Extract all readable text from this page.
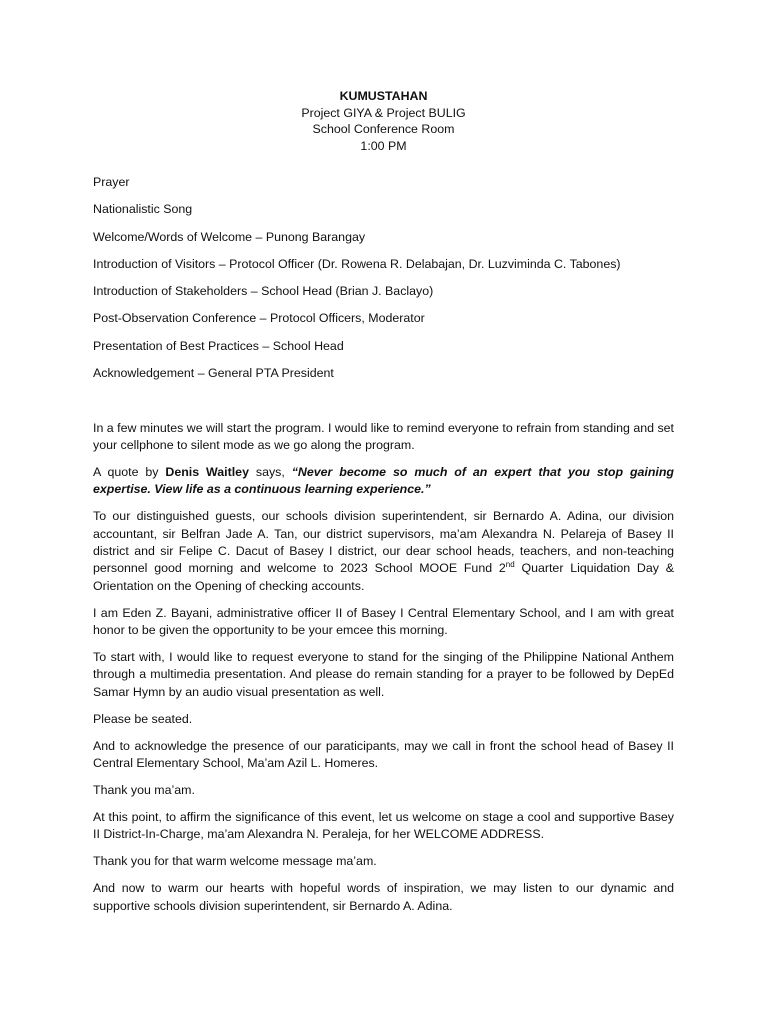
KUMUSTAHAN
Project GIYA & Project BULIG
School Conference Room
1:00 PM
Prayer
Nationalistic Song
Welcome/Words of Welcome – Punong Barangay
Introduction of Visitors – Protocol Officer (Dr. Rowena R. Delabajan, Dr. Luzviminda C. Tabones)
Introduction of Stakeholders – School Head (Brian J. Baclayo)
Post-Observation Conference – Protocol Officers, Moderator
Presentation of Best Practices – School Head
Acknowledgement – General PTA President

In a few minutes we will start the program. I would like to remind everyone to refrain from standing and set your cellphone to silent mode as we go along the program.

A quote by Denis Waitley says, “Never become so much of an expert that you stop gaining expertise. View life as a continuous learning experience.”

To our distinguished guests, our schools division superintendent, sir Bernardo A. Adina, our division accountant, sir Belfran Jade A. Tan, our district supervisors, ma’am Alexandra N. Pelareja of Basey II district and sir Felipe C. Dacut of Basey I district, our dear school heads, teachers, and non-teaching personnel good morning and welcome to 2023 School MOOE Fund 2nd Quarter Liquidation Day & Orientation on the Opening of checking accounts.

I am Eden Z. Bayani, administrative officer II of Basey I Central Elementary School, and I am with great honor to be given the opportunity to be your emcee this morning.

To start with, I would like to request everyone to stand for the singing of the Philippine National Anthem through a multimedia presentation. And please do remain standing for a prayer to be followed by DepEd Samar Hymn by an audio visual presentation as well.

Please be seated.

And to acknowledge the presence of our paraticipants, may we call in front the school head of Basey II Central Elementary School, Ma’am Azil L. Homeres.

Thank you ma’am.

At this point, to affirm the significance of this event, let us welcome on stage a cool and supportive Basey II District-In-Charge, ma’am Alexandra N. Peraleja, for her WELCOME ADDRESS.

Thank you for that warm welcome message ma’am.

And now to warm our hearts with hopeful words of inspiration, we may listen to our dynamic and supportive schools division superintendent, sir Bernardo A. Adina.
